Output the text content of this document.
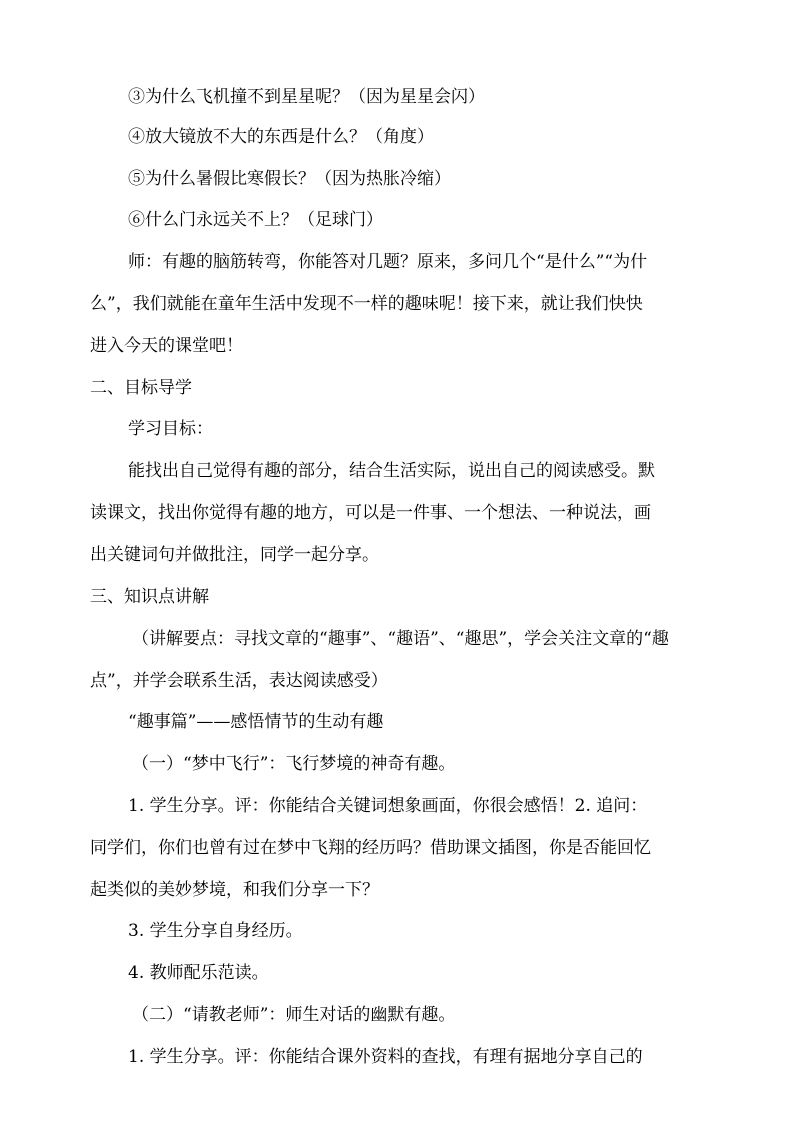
③为什么飞机撞不到星星呢？（因为星星会闪）
④放大镜放不大的东西是什么？（角度）
⑤为什么暑假比寒假长？（因为热胀冷缩）
⑥什么门永远关不上？（足球门）
师：有趣的脑筋转弯，你能答对几题？原来，多问几个“是什么”“为什
么”，我们就能在童年生活中发现不一样的趣味呢！接下来，就让我们快快
进入今天的课堂吧！
二、目标导学
学习目标：
能找出自己觉得有趣的部分，结合生活实际，说出自己的阅读感受。默
读课文，找出你觉得有趣的地方，可以是一件事、一个想法、一种说法，画
出关键词句并做批注，同学一起分享。
三、知识点讲解
（讲解要点：寻找文章的“趣事”、“趣语”、“趣思”，学会关注文章的“趣
点”，并学会联系生活，表达阅读感受）
“趣事篇”——感悟情节的生动有趣
（一）“梦中飞行”：飞行梦境的神奇有趣。
1. 学生分享。评：你能结合关键词想象画面，你很会感悟！2. 追问：
同学们，你们也曾有过在梦中飞翔的经历吗？借助课文插图，你是否能回忆
起类似的美妙梦境，和我们分享一下？
3. 学生分享自身经历。
4. 教师配乐范读。
（二）“请教老师”：师生对话的幽默有趣。
1. 学生分享。评：你能结合课外资料的查找，有理有据地分享自己的
